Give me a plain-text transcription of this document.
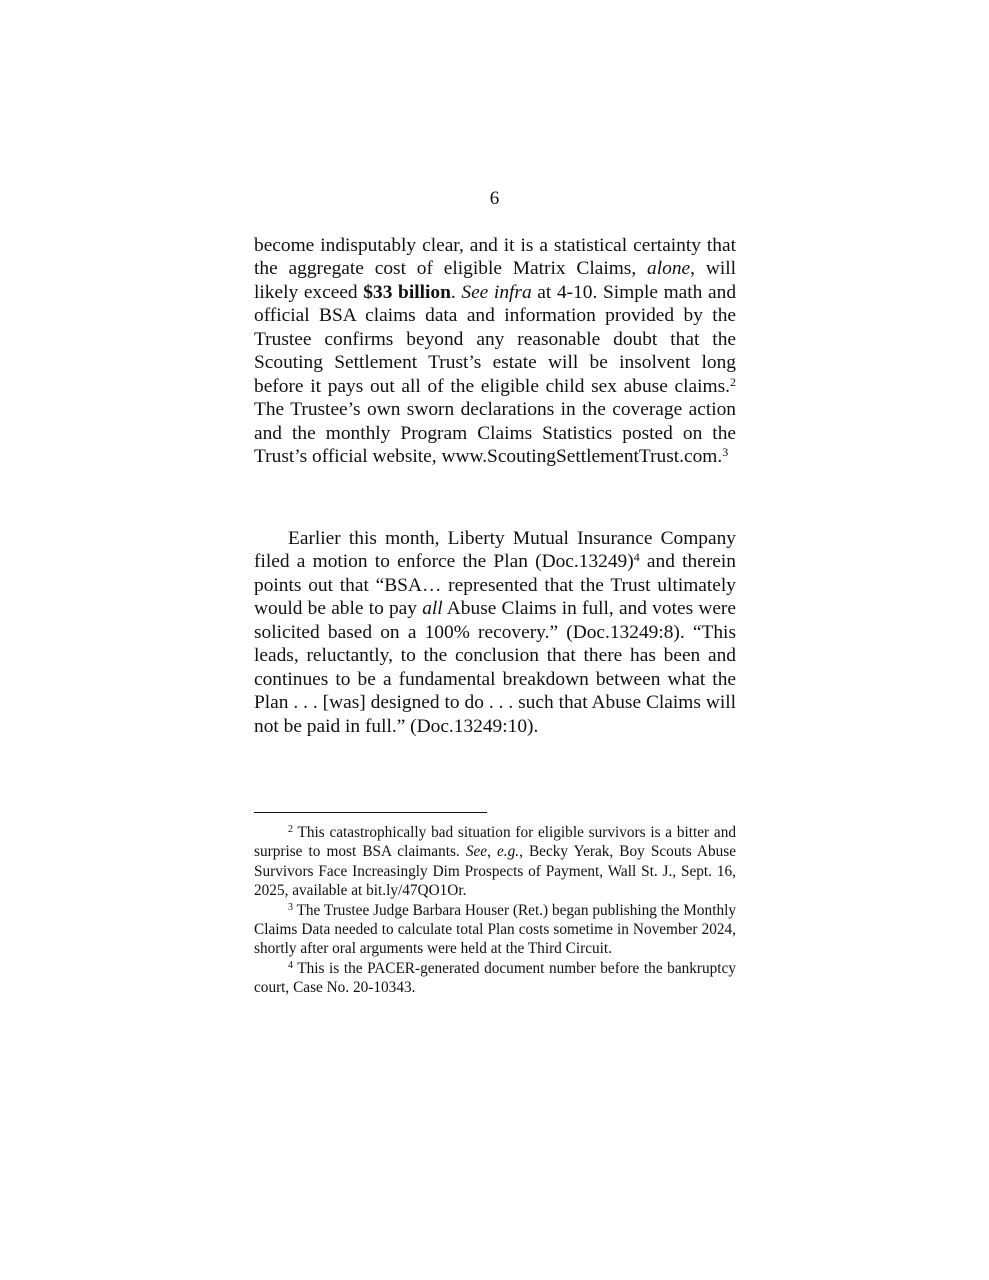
6

become indisputably clear, and it is a statistical certainty that the aggregate cost of eligible Matrix Claims, alone, will likely exceed $33 billion. See infra at 4-10. Simple math and official BSA claims data and information provided by the Trustee confirms beyond any reasonable doubt that the Scouting Settlement Trust’s estate will be insolvent long before it pays out all of the eligible child sex abuse claims.$^2$ The Trustee’s own sworn declarations in the coverage action and the monthly Program Claims Statistics posted on the Trust’s official website, www.ScoutingSettlementTrust.com.$^3$

Earlier this month, Liberty Mutual Insurance Company filed a motion to enforce the Plan $(Doc.13249)^4$ and therein points out that “BSA… represented that the Trust ultimately would be able to pay all Abuse Claims in full, and votes were solicited based on a 100% recovery.” (Doc.13249:8). “This leads, reluctantly, to the conclusion that there has been and continues to be a fundamental breakdown between what the Plan . . . [was] designed to do . . . such that Abuse Claims will not be paid in full.” (Doc.13249:10).

$^2$ This catastrophically bad situation for eligible survivors is a bitter and surprise to most BSA claimants. See, e.g., Becky Yerak, Boy Scouts Abuse Survivors Face Increasingly Dim Prospects of Payment, Wall St. J., Sept. 16, 2025, available at bit.ly/47QO1Or.

$^3$ The Trustee Judge Barbara Houser (Ret.) began publishing the Monthly Claims Data needed to calculate total Plan costs sometime in November 2024, shortly after oral arguments were held at the Third Circuit.

$^4$ This is the PACER-generated document number before the bankruptcy court, Case No. 20-10343.
